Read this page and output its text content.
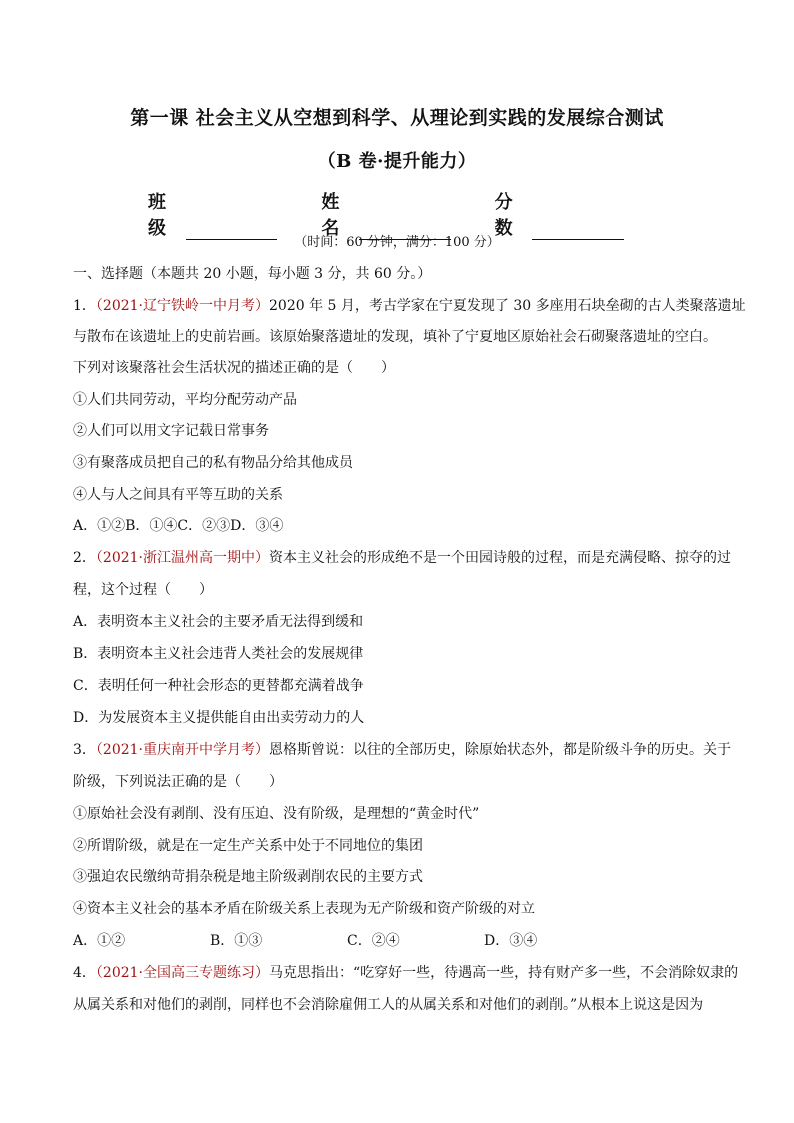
第一课 社会主义从空想到科学、从理论到实践的发展综合测试
（B 卷·提升能力）
班级
姓名
分数
（时间：60 分钟，满分：100 分）
一、选择题（本题共 20 小题，每小题 3 分，共 60 分。）
1．（2021·辽宁铁岭一中月考）2020 年 5 月，考古学家在宁夏发现了 30 多座用石块垒砌的古人类聚落遗址
与散布在该遗址上的史前岩画。该原始聚落遗址的发现，填补了宁夏地区原始社会石砌聚落遗址的空白。
下列对该聚落社会生活状况的描述正确的是（　　）
①人们共同劳动，平均分配劳动产品
②人们可以用文字记载日常事务
③有聚落成员把自己的私有物品分给其他成员
④人与人之间具有平等互助的关系
A．①②B．①④C．②③D．③④
2．（2021·浙江温州高一期中）资本主义社会的形成绝不是一个田园诗般的过程，而是充满侵略、掠夺的过
程，这个过程（　　）
A．表明资本主义社会的主要矛盾无法得到缓和
B．表明资本主义社会违背人类社会的发展规律
C．表明任何一种社会形态的更替都充满着战争
D．为发展资本主义提供能自由出卖劳动力的人
3．（2021·重庆南开中学月考）恩格斯曾说：以往的全部历史，除原始状态外，都是阶级斗争的历史。关于
阶级，下列说法正确的是（　　）
①原始社会没有剥削、没有压迫、没有阶级，是理想的“黄金时代”
②所谓阶级，就是在一定生产关系中处于不同地位的集团
③强迫农民缴纳苛捐杂税是地主阶级剥削农民的主要方式
④资本主义社会的基本矛盾在阶级关系上表现为无产阶级和资产阶级的对立
A．①②	B．①③	C．②④	D．③④
4．（2021·全国高三专题练习）马克思指出：“吃穿好一些，待遇高一些，持有财产多一些，不会消除奴隶的
从属关系和对他们的剥削，同样也不会消除雇佣工人的从属关系和对他们的剥削。”从根本上说这是因为
